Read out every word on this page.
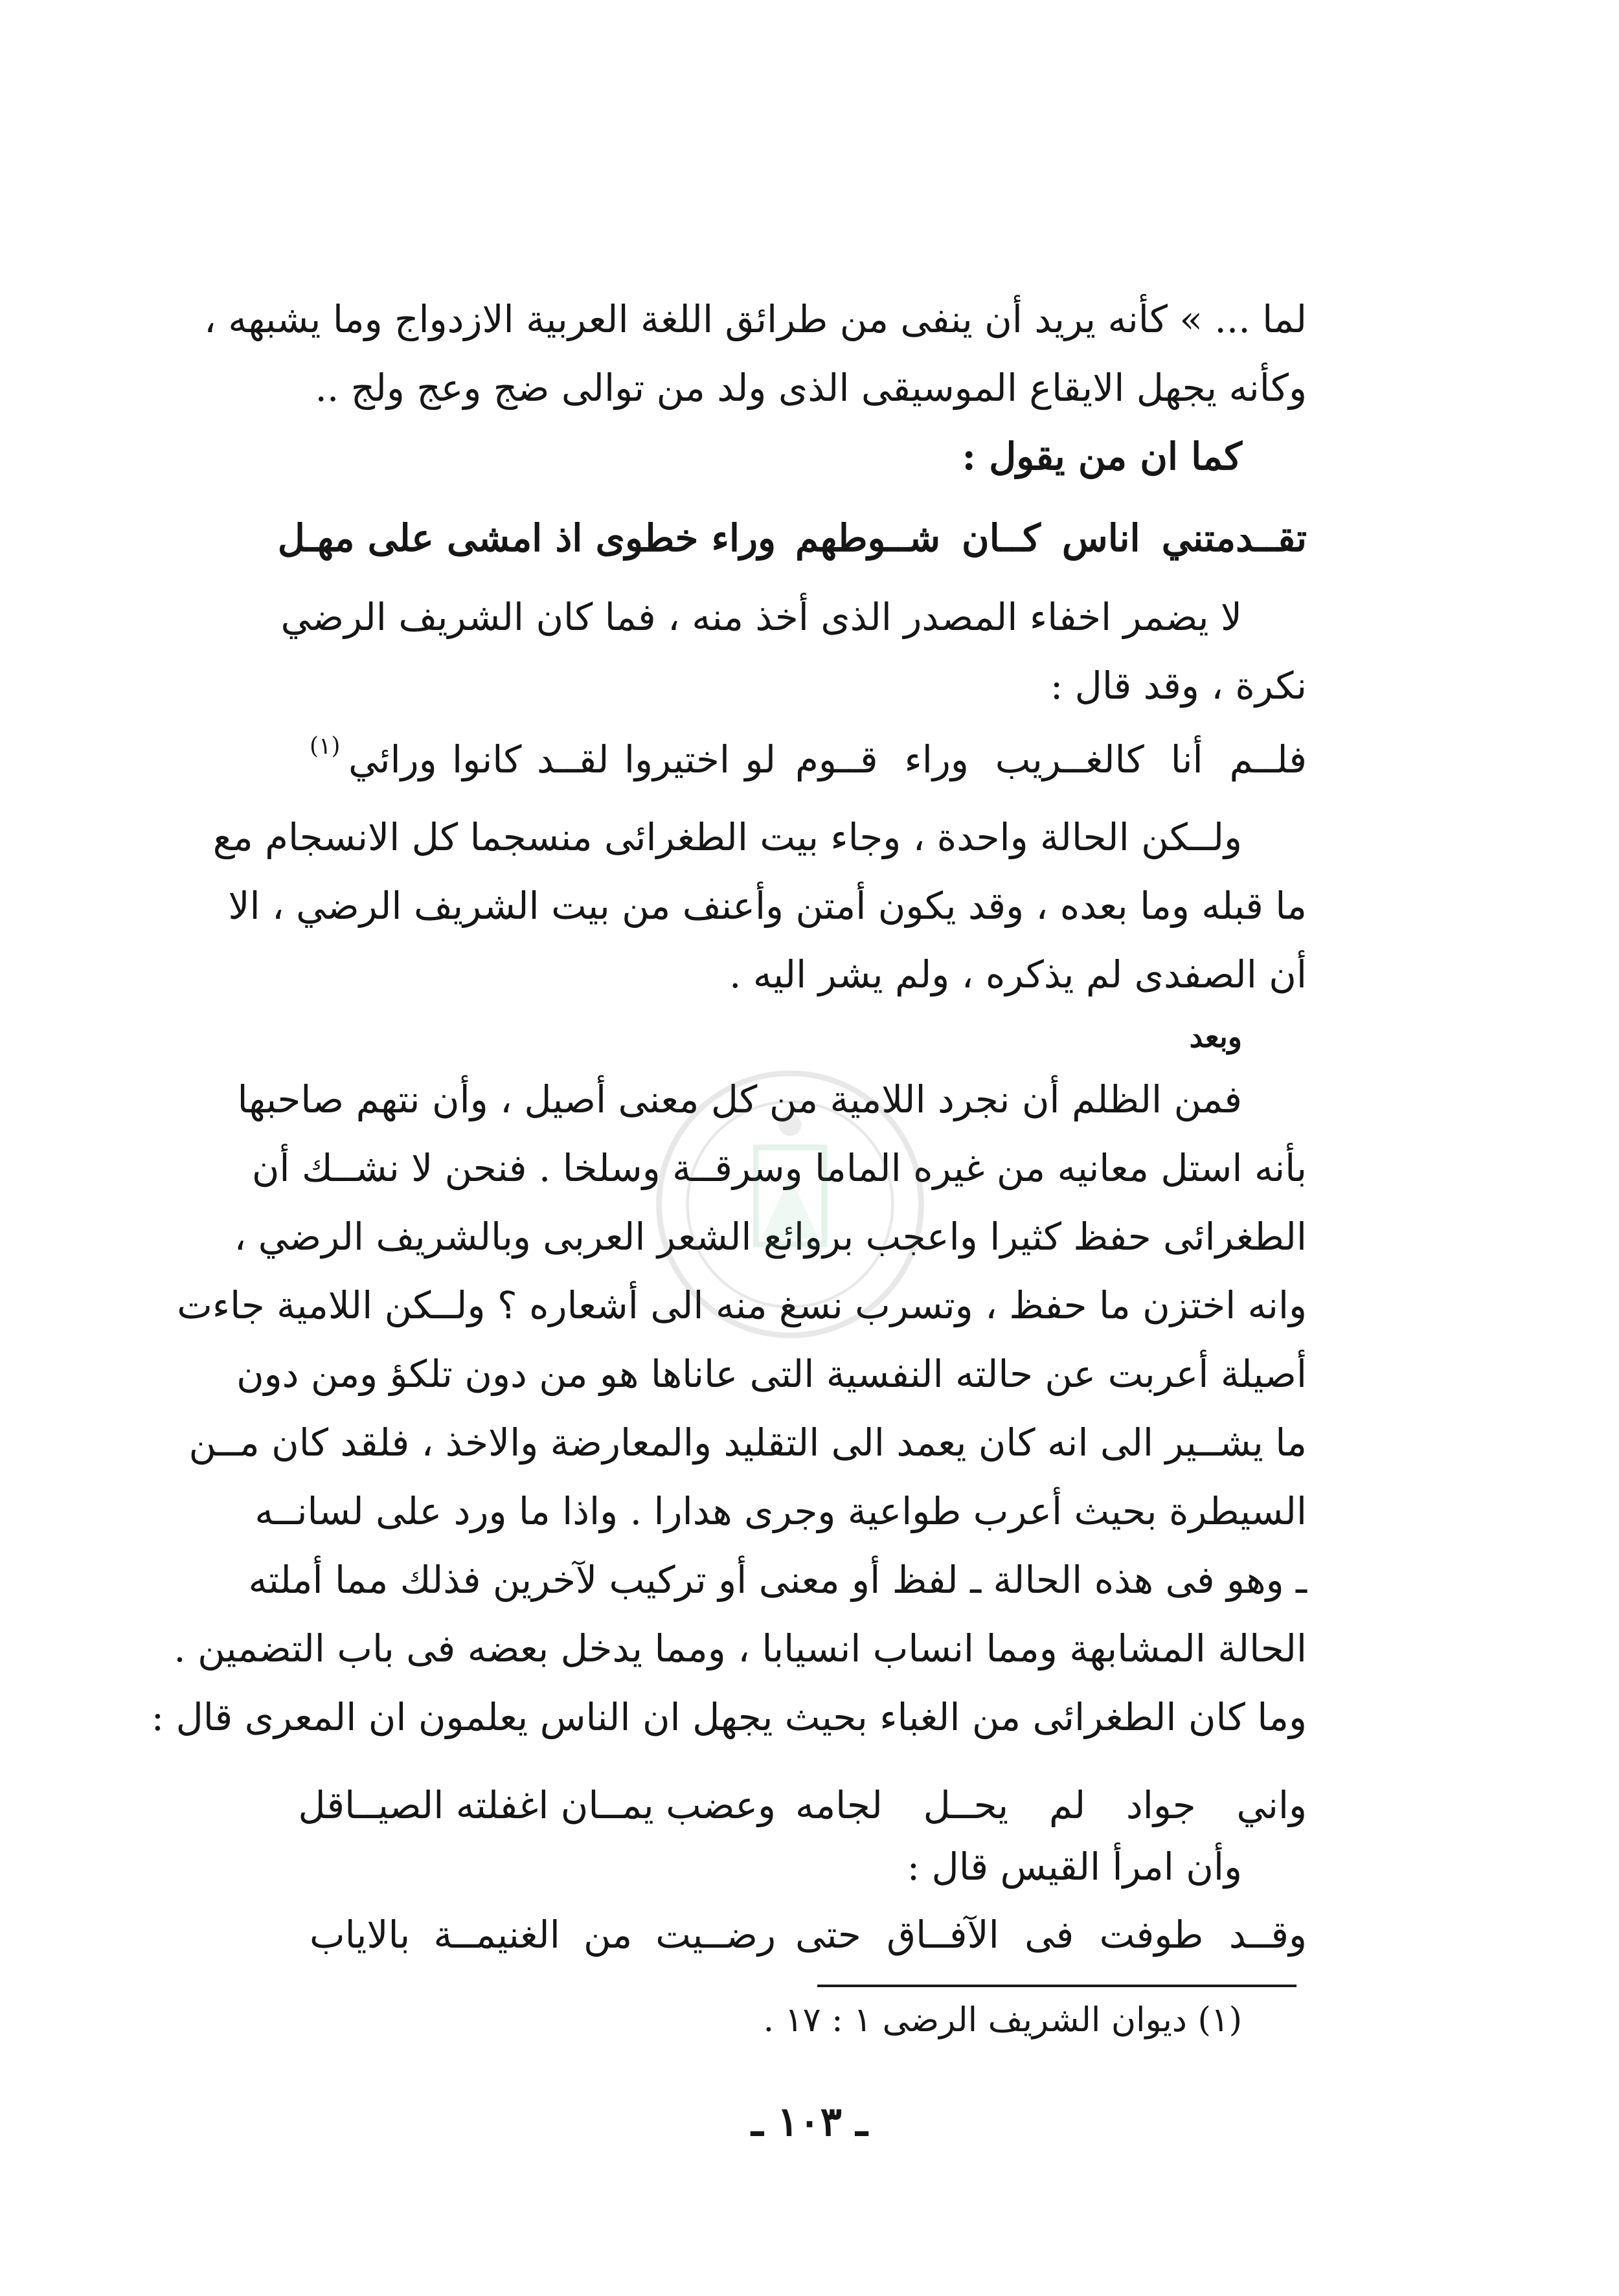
لما ... » كأنه يريد أن ينفى من طرائق اللغة العربية الازدواج وما يشبهه ،
وكأنه يجهل الايقاع الموسيقى الذى ولد من توالى ضج وعج ولج ..
كما ان من يقول :
تقــدمتني اناس كــان شــوطهم
وراء خطوى اذ امشى على مهـل
لا يضمر اخفاء المصدر الذى أخذ منه ، فما كان الشريف الرضي
نكرة ، وقد قال :
فلــم أنا كالغــريب وراء قــوم
لو اختيروا لقــد كانوا ورائي
(١)
ولــكن الحالة واحدة ، وجاء بيت الطغرائى منسجما كل الانسجام مع
ما قبله وما بعده ، وقد يكون أمتن وأعنف من بيت الشريف الرضي ، الا
أن الصفدى لم يذكره ، ولم يشر اليه .
وبعد
فمن الظلم أن نجرد اللامية من كل معنى أصيل ، وأن نتهم صاحبها
بأنه استل معانيه من غيره الماما وسرقــة وسلخا . فنحن لا نشــك أن
الطغرائى حفظ كثيرا واعجب بروائع الشعر العربى وبالشريف الرضي ،
وانه اختزن ما حفظ ، وتسرب نسغ منه الى أشعاره ؟ ولــكن اللامية جاءت
أصيلة أعربت عن حالته النفسية التى عاناها هو من دون تلكؤ ومن دون
ما يشــير الى انه كان يعمد الى التقليد والمعارضة والاخذ ، فلقد كان مــن
السيطرة بحيث أعرب طواعية وجرى هدارا . واذا ما ورد على لسانــه
ـ وهو فى هذه الحالة ـ لفظ أو معنى أو تركيب لآخرين فذلك مما أملته
الحالة المشابهة ومما انساب انسيابا ، ومما يدخل بعضه فى باب التضمين .
وما كان الطغرائى من الغباء بحيث يجهل ان الناس يعلمون ان المعرى قال :
واني جواد لم يحــل لجامه
وعضب يمــان اغفلته الصيــاقل
وأن امرأ القيس قال :
وقــد طوفت فى الآفــاق حتى
رضــيت من الغنيمــة بالاياب
(١) ديوان الشريف الرضى ١ : ١٧ .
ـ ١٠٣ ـ
